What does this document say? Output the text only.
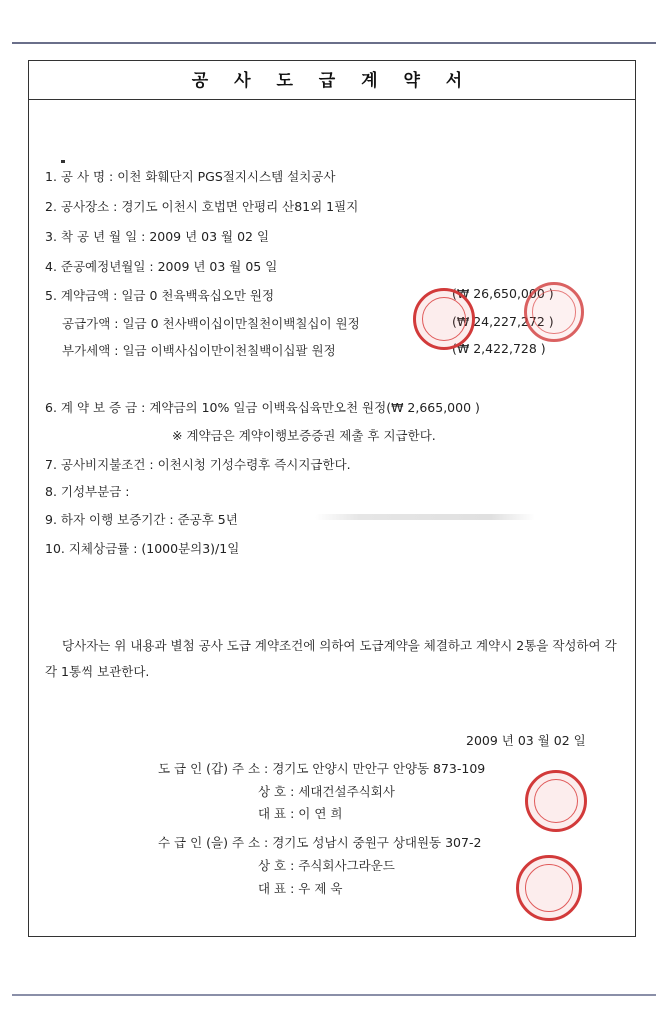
공 사 도 급 계 약 서
1. 공 사 명 : 이천 화훼단지 PGS절지시스템 설치공사
2. 공사장소 : 경기도 이천시 호법면 안평리 산81외 1필지
3. 착 공 년 월 일 : 2009 년 03 월 02 일
4. 준공예정년월일 : 2009 년 03 월 05 일
5. 계약금액 : 일금 0 천육백육십오만 원정
공급가액 : 일금 0 천사백이십이만칠천이백칠십이 원정
부가세액 : 일금 이백사십이만이천칠백이십팔 원정
(₩ 26,650,000 )
(₩ 24,227,272 )
(₩ 2,422,728 )
6. 계 약 보 증 금 : 계약금의 10% 일금 이백육십육만오천 원정(₩ 2,665,000 )
※ 계약금은 계약이행보증증권 제출 후 지급한다.
7. 공사비지불조건 : 이천시청 기성수령후 즉시지급한다.
8. 기성부분금 :
9. 하자 이행 보증기간 : 준공후 5년
10. 지체상금률 : (1000분의3)/1일
당사자는 위 내용과 별첨 공사 도급 계약조건에 의하여 도급계약을 체결하고 계약시 2통을 작성하여 각각 1통씩 보관한다.
2009 년 03 월 02 일
도 급 인 (갑) 주 소 : 경기도 안양시 만안구 안양동 873-109
상 호 : 세대건설주식회사
대 표 : 이 연 희
수 급 인 (을) 주 소 : 경기도 성남시 중원구 상대원동 307-2
상 호 : 주식회사그라운드
대 표 : 우 제 욱
